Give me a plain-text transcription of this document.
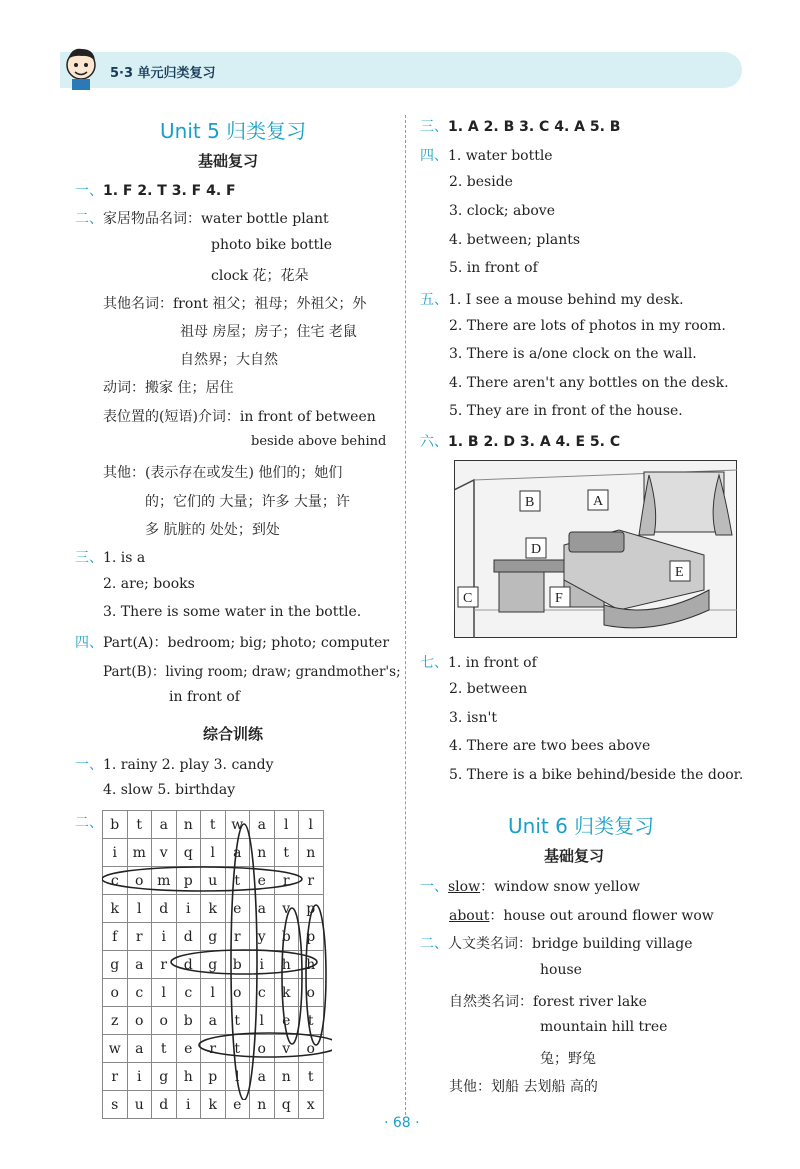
5·3 单元归类复习
Unit 5 归类复习
基础复习
一、1. F 2. T 3. F 4. F
二、家居物品名词：water bottle plant
photo bike bottle
clock 花；花朵
其他名词：front 祖父；祖母；外祖父；外
祖母 房屋；房子；住宅 老鼠
自然界；大自然
动词：搬家 住；居住
表位置的(短语)介词：in front of between
beside above behind
其他：(表示存在或发生) 他们的；她们
的；它们的 大量；许多 大量；许
多 肮脏的 处处；到处
三、1. is a
2. are; books
3. There is some water in the bottle.
四、Part(A)：bedroom; big; photo; computer
Part(B)：living room; draw; grandmother's;
in front of
综合训练
一、1. rainy 2. play 3. candy
4. slow 5. birthday
二、 b	t	a	n	t	w	a	l	l
i	m	v	q	l	a	n	t	n
c	o	m	p	u	t	e	r	r
k	l	d	i	k	e	a	v	p
f	r	i	d	g	r	y	b	p
g	a	r	d	g	b	i	h	h
o	c	l	c	l	o	c	k	o
z	o	o	b	a	t	l	e	t
w	a	t	e	r	t	o	v	o
r	i	g	h	p	l	a	n	t
s	u	d	i	k	e	n	q	x
三、1. A 2. B 3. C 4. A 5. B
四、1. water bottle
2. beside
3. clock; above
4. between; plants
5. in front of
五、1. I see a mouse behind my desk.
2. There are lots of photos in my room.
3. There is a/one clock on the wall.
4. There aren't any bottles on the desk.
5. They are in front of the house.
六、1. B 2. D 3. A 4. E 5. C
B	A
D
E
C	F
七、1. in front of
2. between
3. isn't
4. There are two bees above
5. There is a bike behind/beside the door.
Unit 6 归类复习
基础复习
一、slow：window snow yellow
about：house out around flower wow
二、人文类名词：bridge building village
house
自然类名词：forest river lake
mountain hill tree
兔；野兔
其他：划船 去划船 高的
· 68 ·
